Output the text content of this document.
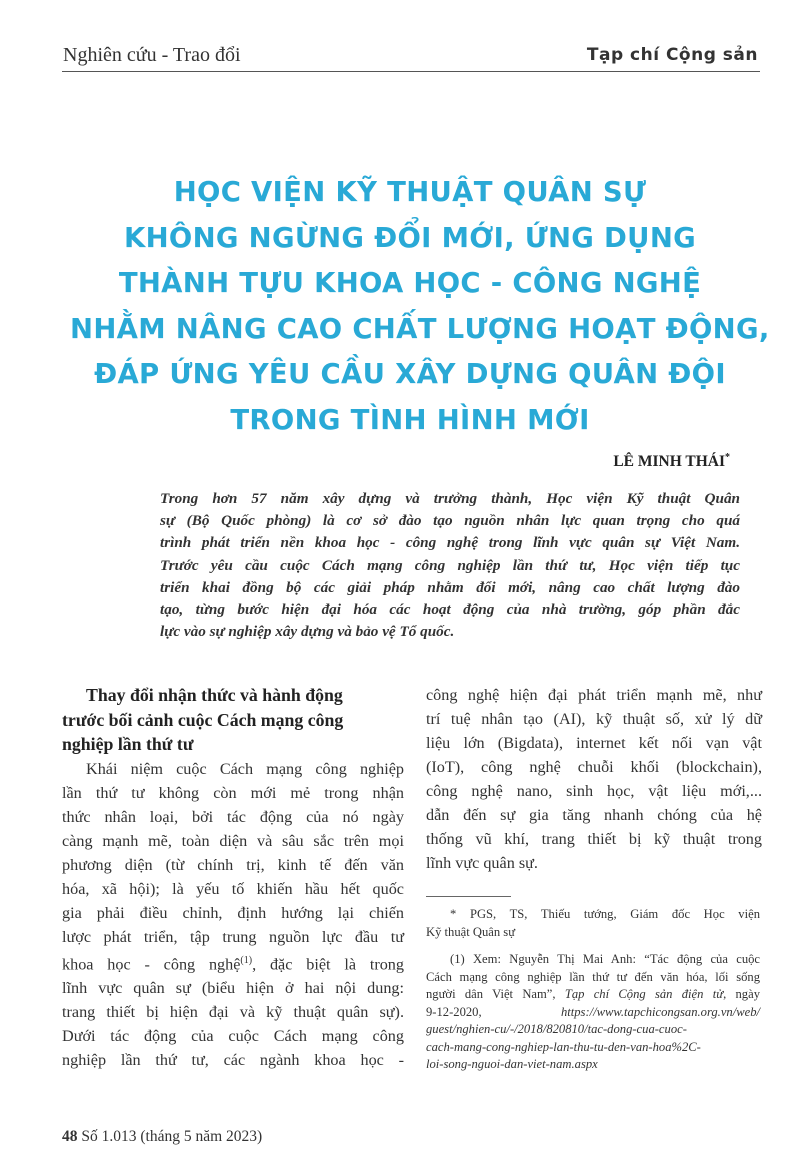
Nghiên cứu - Trao đổi	Tạp chí Cộng sản
HỌC VIỆN KỸ THUẬT QUÂN SỰ
KHÔNG NGỪNG ĐỔI MỚI, ỨNG DỤNG
THÀNH TỰU KHOA HỌC - CÔNG NGHỆ
NHẰM NÂNG CAO CHẤT LƯỢNG HOẠT ĐỘNG,
ĐÁP ỨNG YÊU CẦU XÂY DỰNG QUÂN ĐỘI
TRONG TÌNH HÌNH MỚI
LÊ MINH THÁI*
Trong hơn 57 năm xây dựng và trưởng thành, Học viện Kỹ thuật Quân
sự (Bộ Quốc phòng) là cơ sở đào tạo nguồn nhân lực quan trọng cho quá
trình phát triển nền khoa học - công nghệ trong lĩnh vực quân sự Việt Nam.
Trước yêu cầu cuộc Cách mạng công nghiệp lần thứ tư, Học viện tiếp tục
triển khai đồng bộ các giải pháp nhằm đổi mới, nâng cao chất lượng đào
tạo, từng bước hiện đại hóa các hoạt động của nhà trường, góp phần đắc
lực vào sự nghiệp xây dựng và bảo vệ Tổ quốc.
Thay đổi nhận thức và hành động
trước bối cảnh cuộc Cách mạng công
nghiệp lần thứ tư
Khái niệm cuộc Cách mạng công nghiệp
lần thứ tư không còn mới mẻ trong nhận
thức nhân loại, bởi tác động của nó ngày
càng mạnh mẽ, toàn diện và sâu sắc trên mọi
phương diện (từ chính trị, kinh tế đến văn
hóa, xã hội); là yếu tố khiến hầu hết quốc
gia phải điều chỉnh, định hướng lại chiến
lược phát triển, tập trung nguồn lực đầu tư
khoa học - công nghệ$^{(1)}$, đặc biệt là trong
lĩnh vực quân sự (biểu hiện ở hai nội dung:
trang thiết bị hiện đại và kỹ thuật quân sự).
Dưới tác động của cuộc Cách mạng công
nghiệp lần thứ tư, các ngành khoa học -
công nghệ hiện đại phát triển mạnh mẽ, như
trí tuệ nhân tạo (AI), kỹ thuật số, xử lý dữ
liệu lớn (Bigdata), internet kết nối vạn vật
(IoT), công nghệ chuỗi khối (blockchain),
công nghệ nano, sinh học, vật liệu mới,...
dẫn đến sự gia tăng nhanh chóng của hệ
thống vũ khí, trang thiết bị kỹ thuật trong
lĩnh vực quân sự.
* PGS, TS, Thiếu tướng, Giám đốc Học viện
Kỹ thuật Quân sự
(1) Xem: Nguyễn Thị Mai Anh: “Tác động của cuộc
Cách mạng công nghiệp lần thứ tư đến văn hóa, lối sống
người dân Việt Nam”, Tạp chí Cộng sản điện tử, ngày
9-12-2020, https://www.tapchicongsan.org.vn/web/
guest/nghien-cu/-/2018/820810/tac-dong-cua-cuoc-
cach-mang-cong-nghiep-lan-thu-tu-den-van-hoa%2C-
loi-song-nguoi-dan-viet-nam.aspx
48 Số 1.013 (tháng 5 năm 2023)
